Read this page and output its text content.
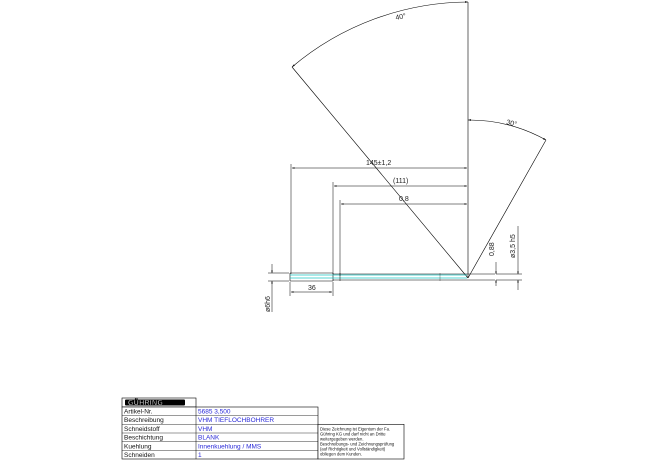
40°
30°
145±1,2
(111)
0,8
36
ø6h6
0,88 ø3,5 h5
GÜHRING
Artikel-Nr.	5685 3,500
Beschreibung	VHM TIEFLOCHBOHRER
Schneidstoff	VHM
Beschichtung	BLANK
Kuehlung	Innenkuehlung / MMS
Schneiden	1
Diese Zeichnung ist Eigentum der Fa.
Gühring KG und darf nicht an Dritte
weitergegeben werden.
Beschreibungs- und Zeichnungsprüfung
(auf Richtigkeit und Vollständigkeit)
obliegen dem Kunden.
